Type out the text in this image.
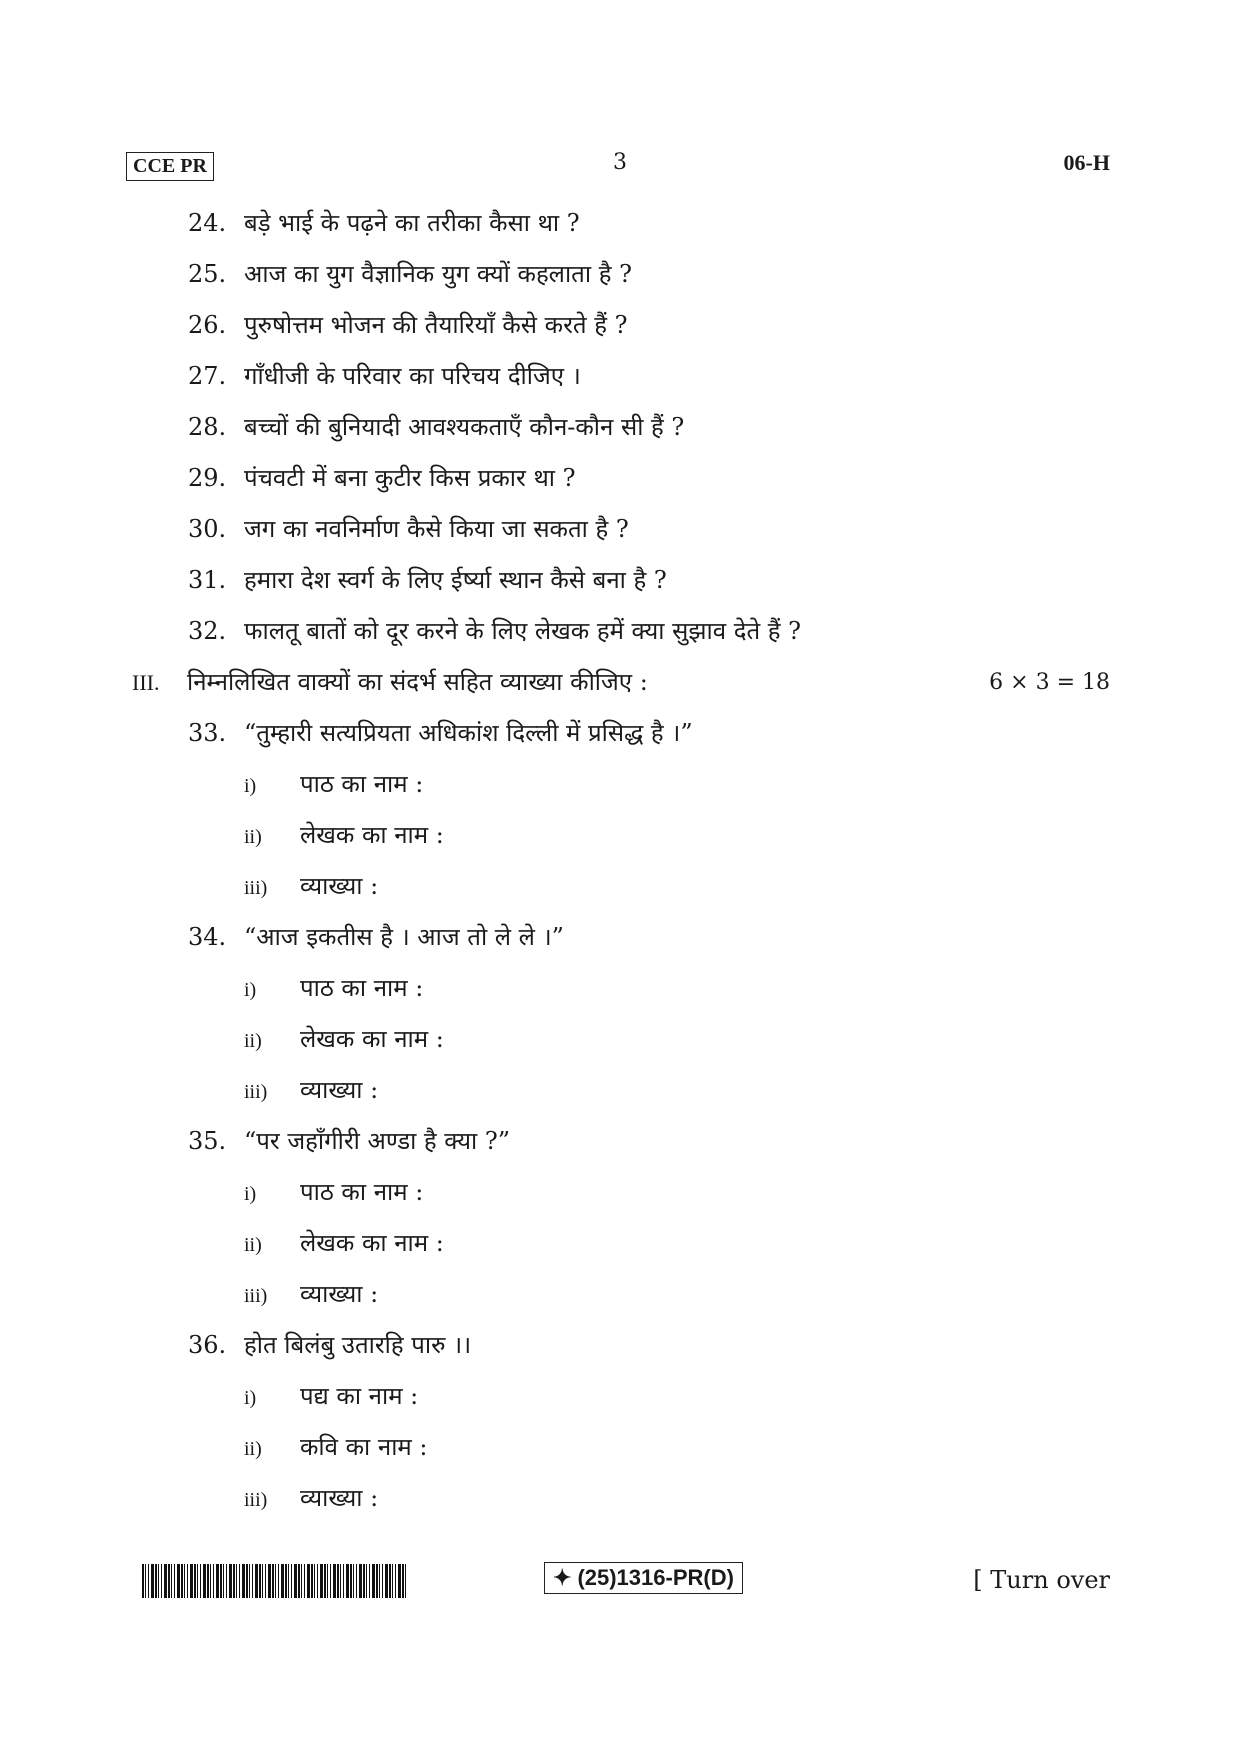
CCE PR	3	06-H
24. बड़े भाई के पढ़ने का तरीका कैसा था ?
25. आज का युग वैज्ञानिक युग क्यों कहलाता है ?
26. पुरुषोत्तम भोजन की तैयारियाँ कैसे करते हैं ?
27. गाँधीजी के परिवार का परिचय दीजिए ।
28. बच्चों की बुनियादी आवश्यकताएँ कौन-कौन सी हैं ?
29. पंचवटी में बना कुटीर किस प्रकार था ?
30. जग का नवनिर्माण कैसे किया जा सकता है ?
31. हमारा देश स्वर्ग के लिए ईर्ष्या स्थान कैसे बना है ?
32. फालतू बातों को दूर करने के लिए लेखक हमें क्या सुझाव देते हैं ?
III. निम्नलिखित वाक्यों का संदर्भ सहित व्याख्या कीजिए :	6 × 3 = 18
33. “तुम्हारी सत्यप्रियता अधिकांश दिल्ली में प्रसिद्ध है ।”
i) पाठ का नाम :
ii) लेखक का नाम :
iii) व्याख्या :
34. “आज इकतीस है । आज तो ले ले ।”
i) पाठ का नाम :
ii) लेखक का नाम :
iii) व्याख्या :
35. “पर जहाँगीरी अण्डा है क्या ?”
i) पाठ का नाम :
ii) लेखक का नाम :
iii) व्याख्या :
36. होत बिलंबु उतारहि पारु ।।
i) पद्य का नाम :
ii) कवि का नाम :
iii) व्याख्या :
✦ (25)1316-PR(D)	[ Turn over
